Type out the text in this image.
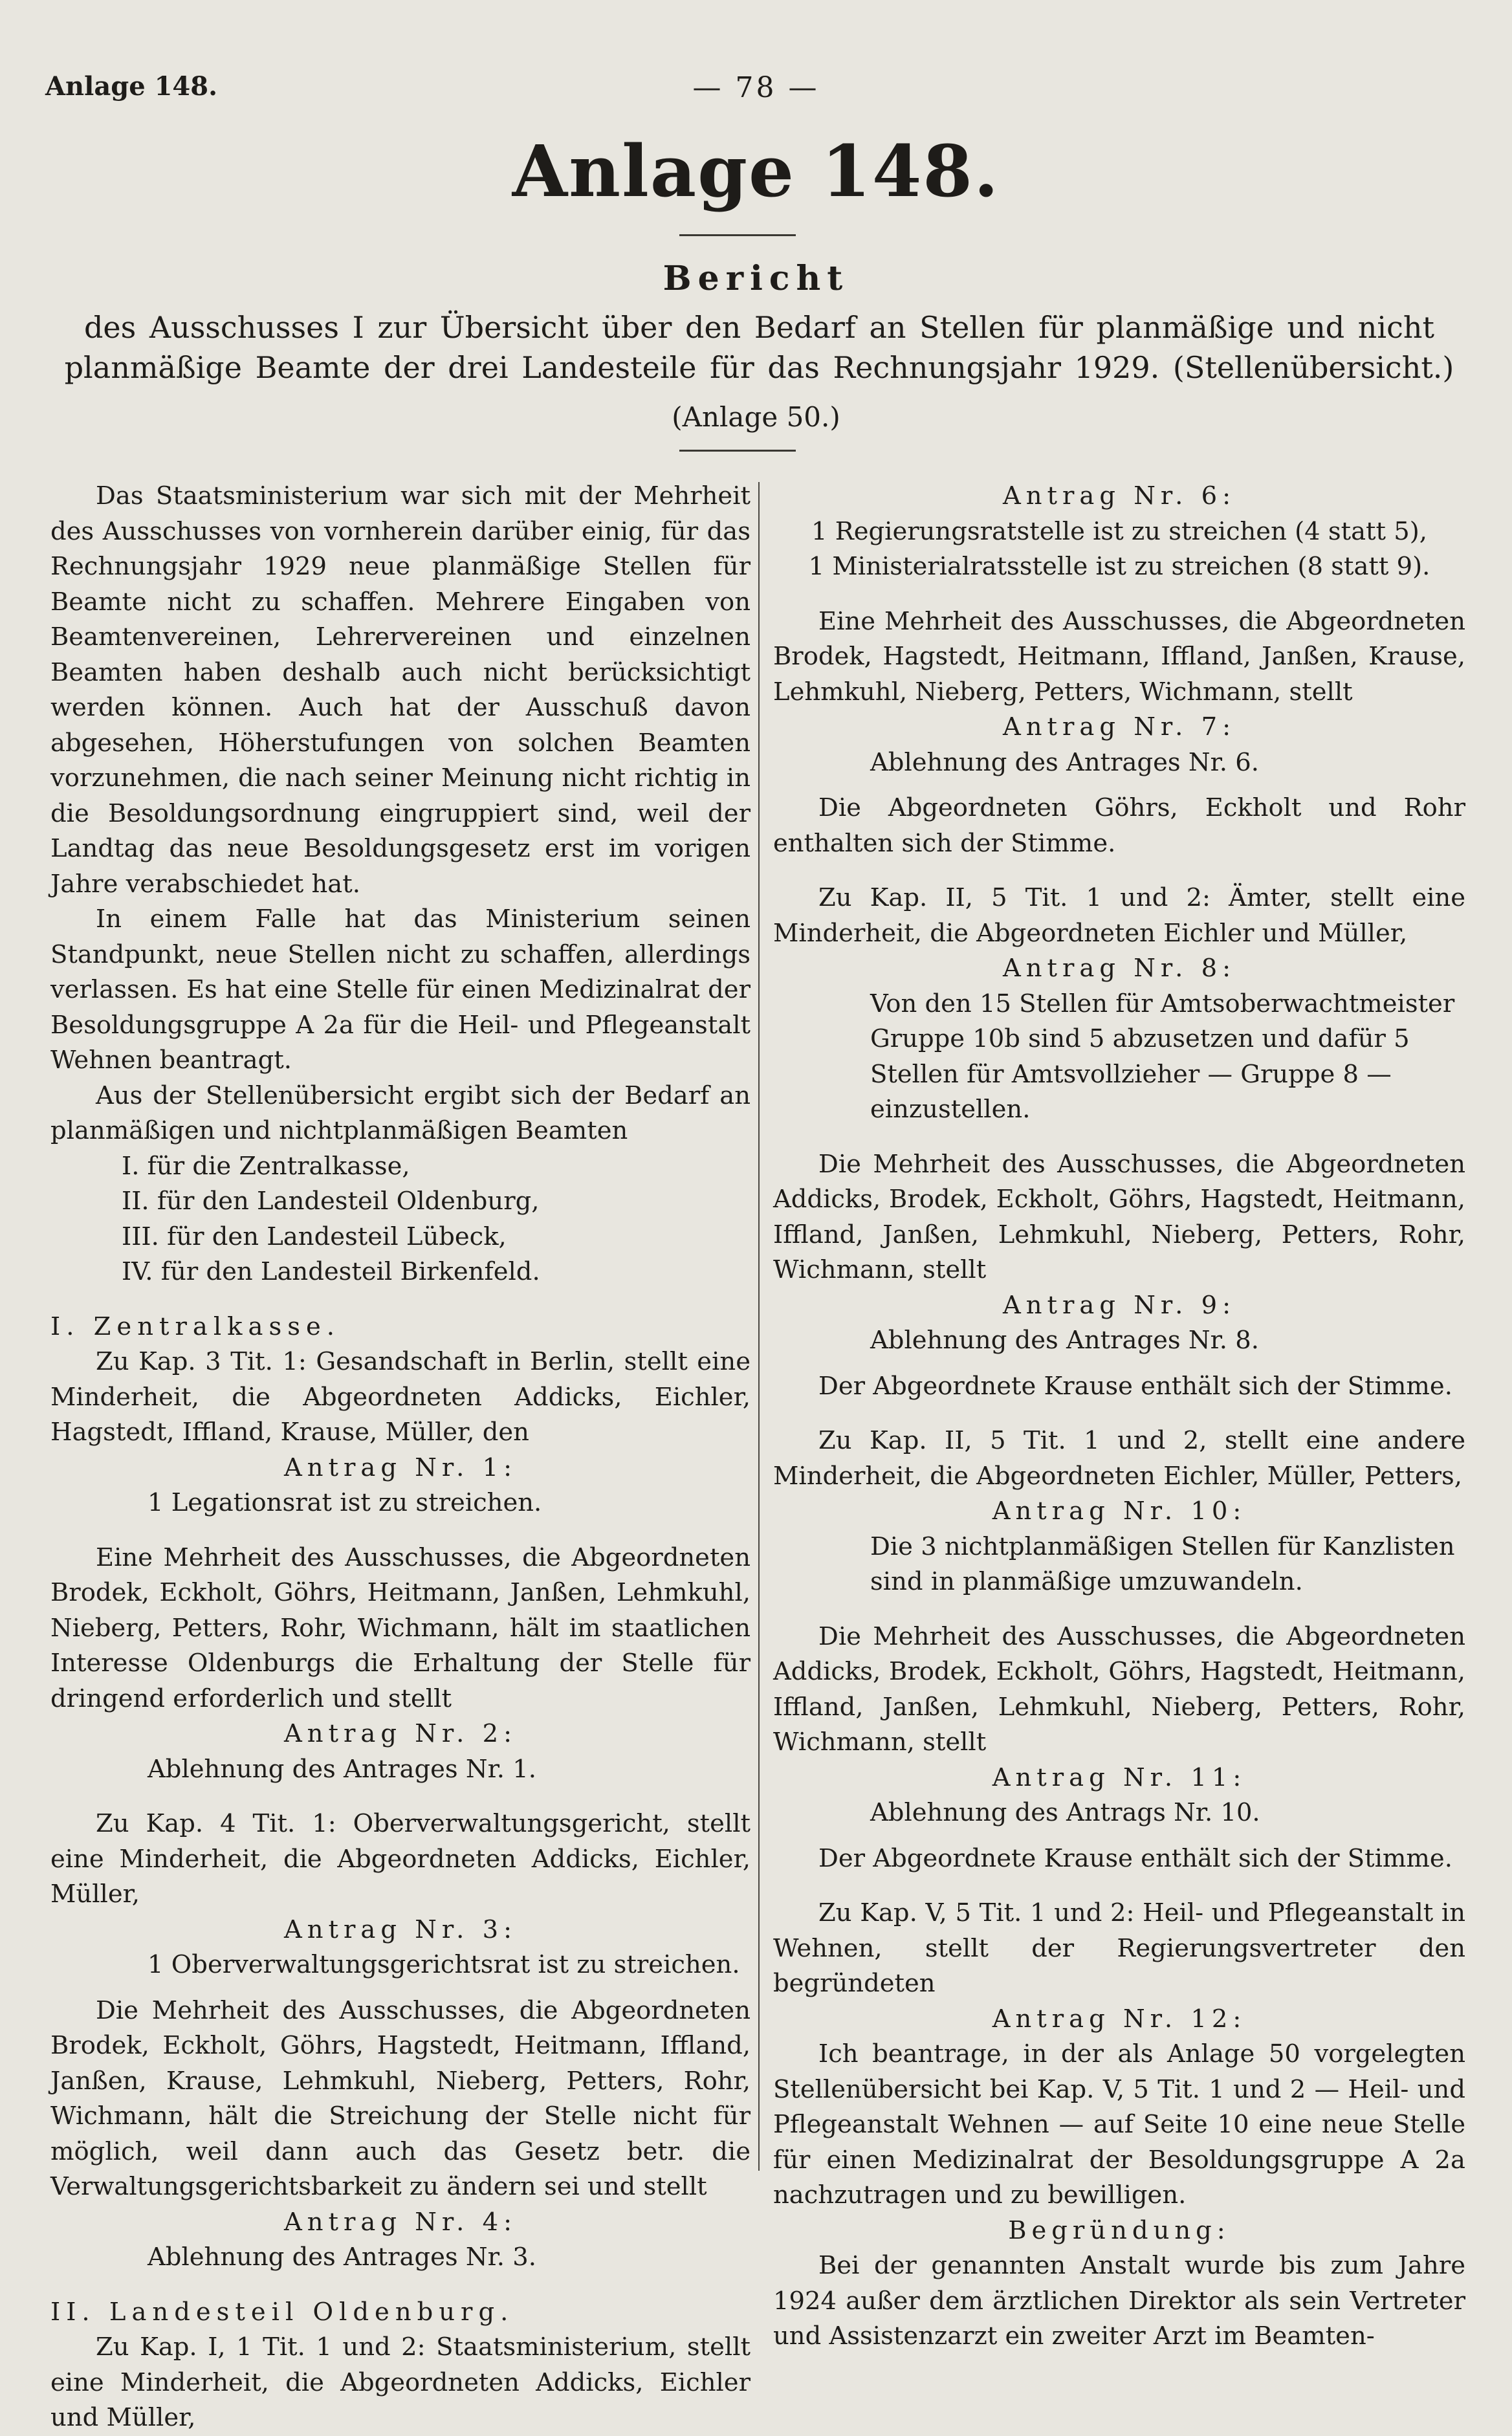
Anlage 148.	— 78 —
Anlage 148.
Bericht
des Ausschusses I zur Übersicht über den Bedarf an Stellen für planmäßige und nicht planmäßige Beamte der drei Landesteile für das Rechnungsjahr 1929. (Stellenübersicht.)
(Anlage 50.)

Das Staatsministerium war sich mit der Mehrheit des Ausschusses von vornherein darüber einig, für das Rechnungsjahr 1929 neue planmäßige Stellen für Beamte nicht zu schaffen. Mehrere Eingaben von Beamtenvereinen, Lehrervereinen und einzelnen Beamten haben deshalb auch nicht berücksichtigt werden können. Auch hat der Ausschuß davon abgesehen, Höherstufungen von solchen Beamten vorzunehmen, die nach seiner Meinung nicht richtig in die Besoldungsordnung eingruppiert sind, weil der Landtag das neue Besoldungsgesetz erst im vorigen Jahre verabschiedet hat.

In einem Falle hat das Ministerium seinen Standpunkt, neue Stellen nicht zu schaffen, allerdings verlassen. Es hat eine Stelle für einen Medizinalrat der Besoldungsgruppe A 2a für die Heil- und Pflegeanstalt Wehnen beantragt.

Aus der Stellenübersicht ergibt sich der Bedarf an planmäßigen und nichtplanmäßigen Beamten

I. für die Zentralkasse,

II. für den Landesteil Oldenburg,

III. für den Landesteil Lübeck,

IV. für den Landesteil Birkenfeld.

I. Zentralkasse.

Zu Kap. 3 Tit. 1: Gesandschaft in Berlin, stellt eine Minderheit, die Abgeordneten Addicks, Eichler, Hagstedt, Iffland, Krause, Müller, den

Antrag Nr. 1:

1 Legationsrat ist zu streichen.

Eine Mehrheit des Ausschusses, die Abgeordneten Brodek, Eckholt, Göhrs, Heitmann, Janßen, Lehmkuhl, Nieberg, Petters, Rohr, Wichmann, hält im staatlichen Interesse Oldenburgs die Erhaltung der Stelle für dringend erforderlich und stellt

Antrag Nr. 2:

Ablehnung des Antrages Nr. 1.

Zu Kap. 4 Tit. 1: Oberverwaltungsgericht, stellt eine Minderheit, die Abgeordneten Addicks, Eichler, Müller,

Antrag Nr. 3:

1 Oberverwaltungsgerichtsrat ist zu streichen.

Die Mehrheit des Ausschusses, die Abgeordneten Brodek, Eckholt, Göhrs, Hagstedt, Heitmann, Iffland, Janßen, Krause, Lehmkuhl, Nieberg, Petters, Rohr, Wichmann, hält die Streichung der Stelle nicht für möglich, weil dann auch das Gesetz betr. die Verwaltungsgerichtsbarkeit zu ändern sei und stellt

Antrag Nr. 4:

Ablehnung des Antrages Nr. 3.

II. Landesteil Oldenburg.

Zu Kap. I, 1 Tit. 1 und 2: Staatsministerium, stellt eine Minderheit, die Abgeordneten Addicks, Eichler und Müller,

Antrag Nr. 6:

1 Regierungsratstelle ist zu streichen (4 statt 5),

1 Ministerialratsstelle ist zu streichen (8 statt 9).

Eine Mehrheit des Ausschusses, die Abgeordneten Brodek, Hagstedt, Heitmann, Iffland, Janßen, Krause, Lehmkuhl, Nieberg, Petters, Wichmann, stellt

Antrag Nr. 7:

Ablehnung des Antrages Nr. 6.

Die Abgeordneten Göhrs, Eckholt und Rohr enthalten sich der Stimme.

Zu Kap. II, 5 Tit. 1 und 2: Ämter, stellt eine Minderheit, die Abgeordneten Eichler und Müller,

Antrag Nr. 8:

Von den 15 Stellen für Amtsoberwachtmeister Gruppe 10b sind 5 abzusetzen und dafür 5 Stellen für Amtsvollzieher — Gruppe 8 — einzustellen.

Die Mehrheit des Ausschusses, die Abgeordneten Addicks, Brodek, Eckholt, Göhrs, Hagstedt, Heitmann, Iffland, Janßen, Lehmkuhl, Nieberg, Petters, Rohr, Wichmann, stellt

Antrag Nr. 9:

Ablehnung des Antrages Nr. 8.

Der Abgeordnete Krause enthält sich der Stimme.

Zu Kap. II, 5 Tit. 1 und 2, stellt eine andere Minderheit, die Abgeordneten Eichler, Müller, Petters,

Antrag Nr. 10:

Die 3 nichtplanmäßigen Stellen für Kanzlisten sind in planmäßige umzuwandeln.

Die Mehrheit des Ausschusses, die Abgeordneten Addicks, Brodek, Eckholt, Göhrs, Hagstedt, Heitmann, Iffland, Janßen, Lehmkuhl, Nieberg, Petters, Rohr, Wichmann, stellt

Antrag Nr. 11:

Ablehnung des Antrags Nr. 10.

Der Abgeordnete Krause enthält sich der Stimme.

Zu Kap. V, 5 Tit. 1 und 2: Heil- und Pflegeanstalt in Wehnen, stellt der Regierungsvertreter den begründeten

Antrag Nr. 12:

Ich beantrage, in der als Anlage 50 vorgelegten Stellenübersicht bei Kap. V, 5 Tit. 1 und 2 — Heil- und Pflegeanstalt Wehnen — auf Seite 10 eine neue Stelle für einen Medizinalrat der Besoldungsgruppe A 2a nachzutragen und zu bewilligen.

Begründung:

Bei der genannten Anstalt wurde bis zum Jahre 1924 außer dem ärztlichen Direktor als sein Vertreter und Assistenzarzt ein zweiter Arzt im Beamten-
